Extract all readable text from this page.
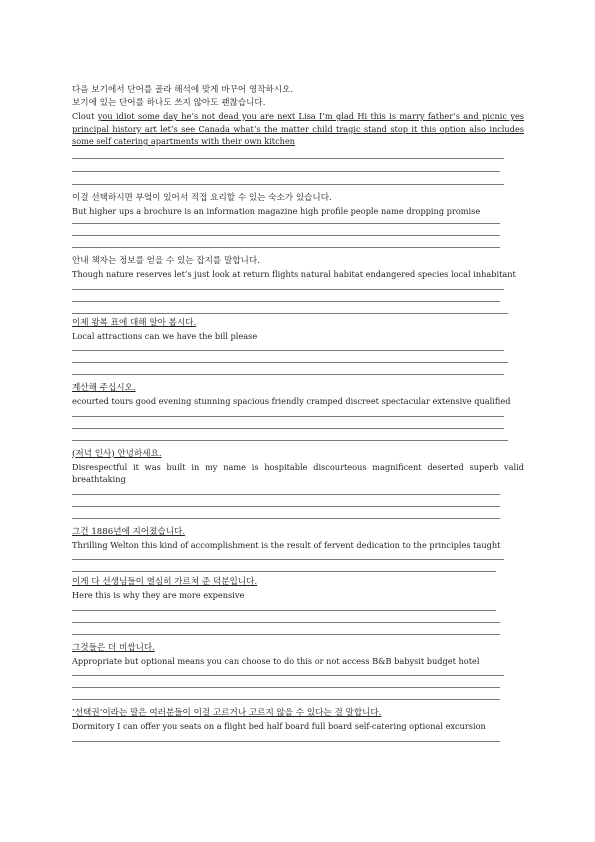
다음 보기에서 단어를 골라 해석에 맞게 바꾸어 영작하시오.
보기에 있는 단어를 하나도 쓰지 않아도 괜찮습니다.
Clout you idiot some day he’s not dead you are next Lisa I’m glad Hi this is marry father’s and picnic yes principal history art let’s see Canada what’s the matter child tragic stand stop it this option also includes some self catering apartments with their own kitchen
이걸 선택하시면 부엌이 있어서 직접 요리할 수 있는 숙소가 있습니다.
But higher ups a brochure is an information magazine high profile people name dropping promise
안내 책자는 정보를 얻을 수 있는 잡지를 말합니다.
Though nature reserves let’s just look at return flights natural habitat endangered species local inhabitant
이제 왕복 표에 대해 알아 봅시다.
Local attractions can we have the bill please
계산해 주십시오.
ecourted tours good evening stunning spacious friendly cramped discreet spectacular extensive qualified
(저녁 인사) 안녕하세요.
Disrespectful it was built in my name is hospitable discourteous magnificent deserted superb valid breathtaking
그건 1886년에 지어졌습니다.
Thrilling Welton this kind of accomplishment is the result of fervent dedication to the principles taught
이게 다 선생님들이 열심히 가르쳐 준 덕분입니다.
Here this is why they are more expensive
그것들은 더 비쌉니다.
Appropriate but optional means you can choose to do this or not access B&B babysit budget hotel
‘선택권’이라는 말은 여러분들이 이걸 고르거나 고르지 않을 수 있다는 걸 말합니다.
Dormitory I can offer you seats on a flight bed half board full board self-catering optional excursion
